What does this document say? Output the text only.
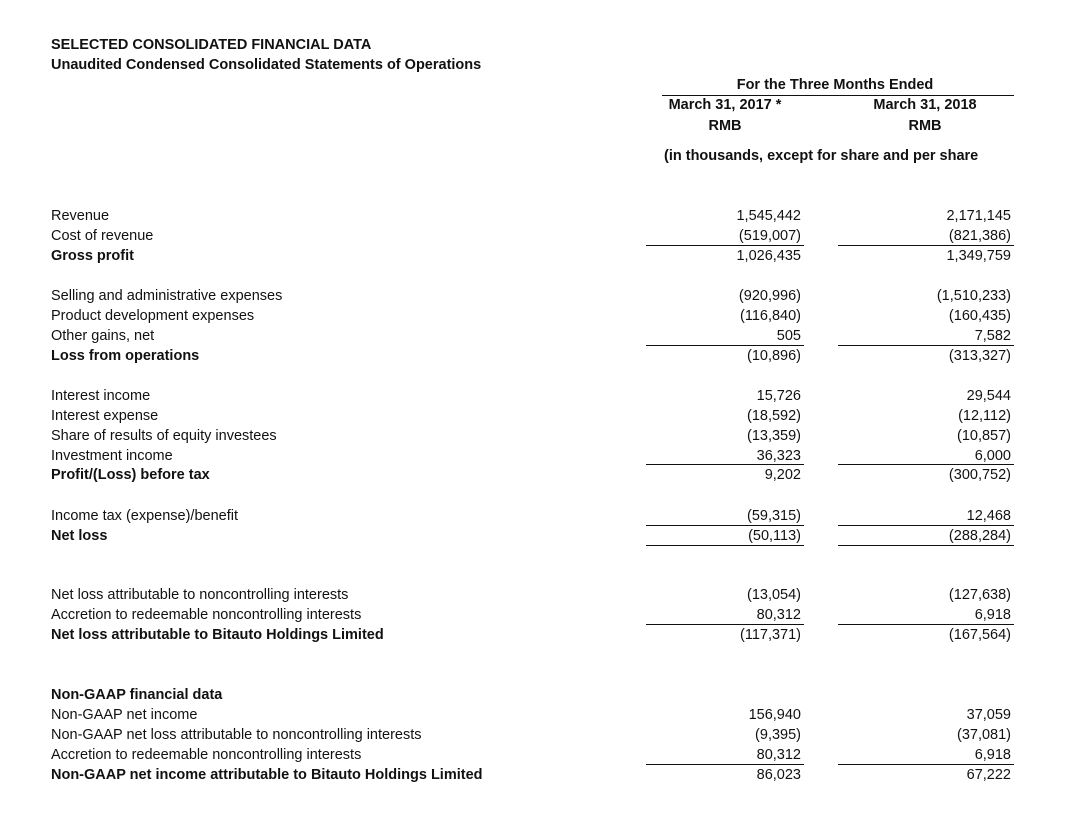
SELECTED CONSOLIDATED FINANCIAL DATA
Unaudited Condensed Consolidated Statements of Operations
For the Three Months Ended
March 31, 2017 *	March 31, 2018
RMB	RMB
(in thousands, except for share and per share
Revenue	1,545,442	2,171,145
Cost of revenue	(519,007)	(821,386)
Gross profit	1,026,435	1,349,759
Selling and administrative expenses	(920,996)	(1,510,233)
Product development expenses	(116,840)	(160,435)
Other gains, net	505	7,582
Loss from operations	(10,896)	(313,327)
Interest income	15,726	29,544
Interest expense	(18,592)	(12,112)
Share of results of equity investees	(13,359)	(10,857)
Investment income	36,323	6,000
Profit/(Loss) before tax	9,202	(300,752)
Income tax (expense)/benefit	(59,315)	12,468
Net loss	(50,113)	(288,284)
Net loss attributable to noncontrolling interests	(13,054)	(127,638)
Accretion to redeemable noncontrolling interests	80,312	6,918
Net loss attributable to Bitauto Holdings Limited	(117,371)	(167,564)
Non-GAAP financial data
Non-GAAP net income	156,940	37,059
Non-GAAP net loss attributable to noncontrolling interests	(9,395)	(37,081)
Accretion to redeemable noncontrolling interests	80,312	6,918
Non-GAAP net income attributable to Bitauto Holdings Limited	86,023	67,222
